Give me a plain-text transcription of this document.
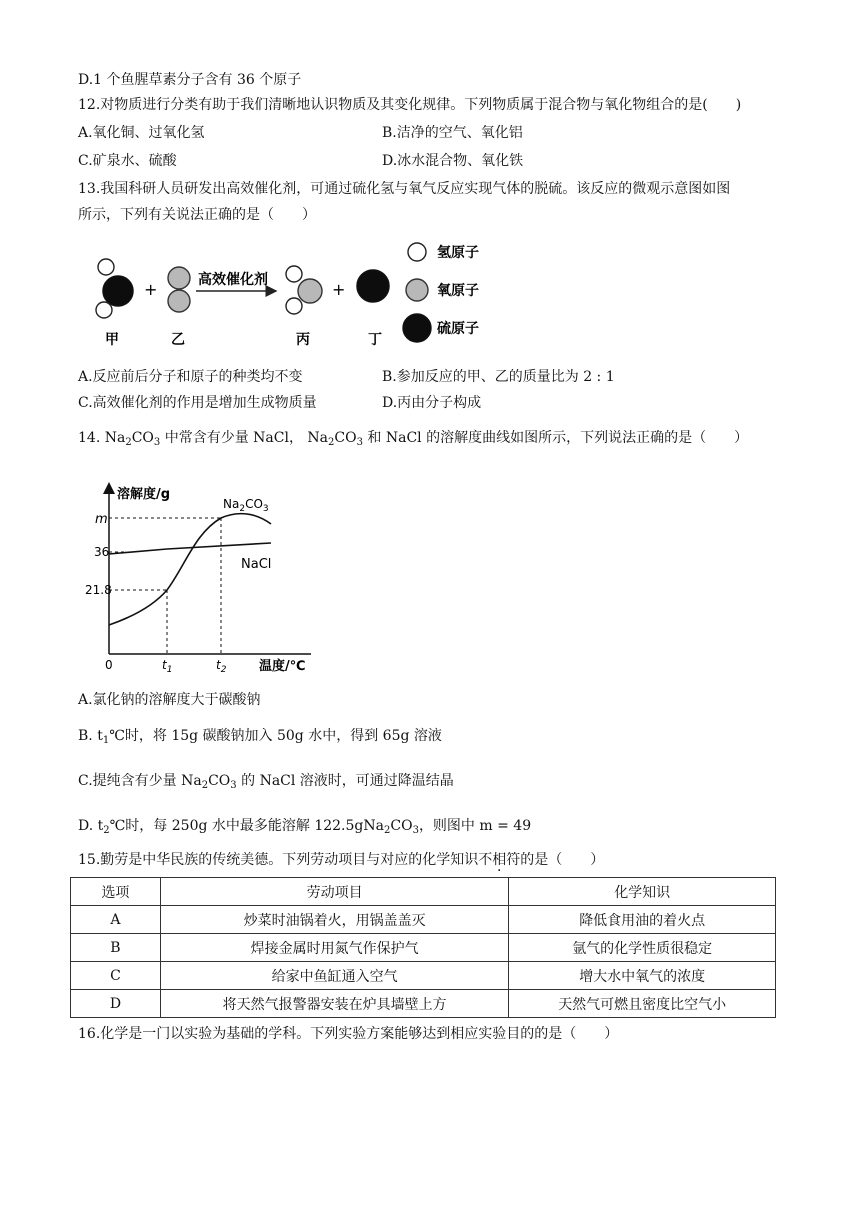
D.1 个鱼腥草素分子含有 36 个原子
12.对物质进行分类有助于我们清晰地认识物质及其变化规律。下列物质属于混合物与氧化物组合的是(　　)
A.氧化铜、过氧化氢	B.洁净的空气、氧化铝
C.矿泉水、硫酸	D.冰水混合物、氧化铁
13.我国科研人员研发出高效催化剂，可通过硫化氢与氧气反应实现气体的脱硫。该反应的微观示意图如图
所示，下列有关说法正确的是（　　）
+	高效催化剂	+
甲	乙	丙	丁
氢原子
氧原子
硫原子
A.反应前后分子和原子的种类均不变	B.参加反应的甲、乙的质量比为 2 : 1
C.高效催化剂的作用是增加生成物质量	D.丙由分子构成
14. $Na_2CO_3$ 中常含有少量 NaCl， $Na_2CO_3$ 和 NaCl 的溶解度曲线如图所示，下列说法正确的是（　　）
溶解度/g
温度/℃
m
36
21.8
0	$t_1$	$t_2$
$Na_2CO_3$
NaCl
A.氯化钠的溶解度大于碳酸钠
B. $t_1℃$时，将 15g 碳酸钠加入 50g 水中，得到 65g 溶液
C.提纯含有少量 $Na_2CO_3$ 的 NaCl 溶液时，可通过降温结晶
D. $t_2℃$时，每 250g 水中最多能溶解 $122.5gNa_2CO_3$，则图中 m = 49
15.勤劳是中华民族的传统美德。下列劳动项目与对应的化学知识不相符的是（　　）
选项	劳动项目	化学知识
A	炒菜时油锅着火，用锅盖盖灭	降低食用油的着火点
B	焊接金属时用氮气作保护气	氩气的化学性质很稳定
C	给家中鱼缸通入空气	增大水中氧气的浓度
D	将天然气报警器安装在炉具墙壁上方	天然气可燃且密度比空气小
16.化学是一门以实验为基础的学科。下列实验方案能够达到相应实验目的的是（　　）
